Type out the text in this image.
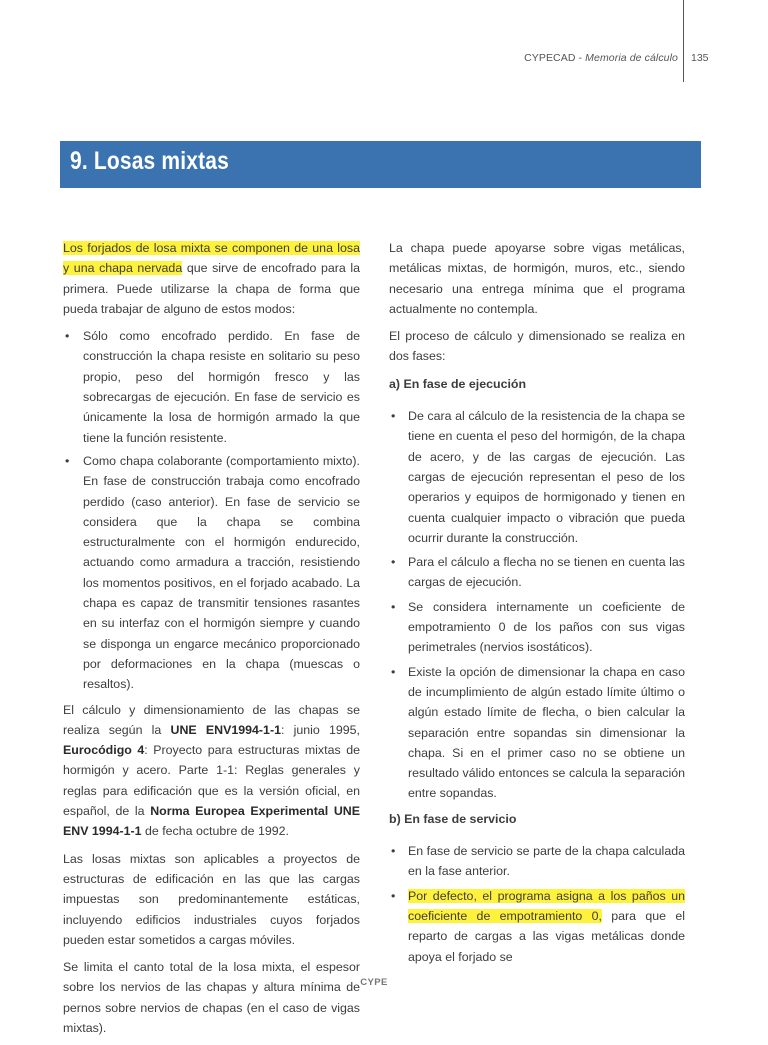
CYPECAD - Memoria de cálculo 135
9. Losas mixtas

Los forjados de losa mixta se componen de una losa y una chapa nervada que sirve de encofrado para la primera. Puede utilizarse la chapa de forma que pueda trabajar de alguno de estos modos:

• Sólo como encofrado perdido. En fase de construcción la chapa resiste en solitario su peso propio, peso del hormigón fresco y las sobrecargas de ejecución. En fase de servicio es únicamente la losa de hormigón armado la que tiene la función resistente.
• Como chapa colaborante (comportamiento mixto). En fase de construcción trabaja como encofrado perdido (caso anterior). En fase de servicio se considera que la chapa se combina estructuralmente con el hormigón endurecido, actuando como armadura a tracción, resistiendo los momentos positivos, en el forjado acabado. La chapa es capaz de transmitir tensiones rasantes en su interfaz con el hormigón siempre y cuando se disponga un engarce mecánico proporcionado por deformaciones en la chapa (muescas o resaltos).

El cálculo y dimensionamiento de las chapas se realiza según la UNE ENV1994-1-1: junio 1995, Eurocódigo 4: Proyecto para estructuras mixtas de hormigón y acero. Parte 1-1: Reglas generales y reglas para edificación que es la versión oficial, en español, de la Norma Europea Experimental UNE ENV 1994-1-1 de fecha octubre de 1992.

Las losas mixtas son aplicables a proyectos de estructuras de edificación en las que las cargas impuestas son predominantemente estáticas, incluyendo edificios industriales cuyos forjados pueden estar sometidos a cargas móviles.

Se limita el canto total de la losa mixta, el espesor sobre los nervios de las chapas y altura mínima de pernos sobre nervios de chapas (en el caso de vigas mixtas).

La chapa puede apoyarse sobre vigas metálicas, metálicas mixtas, de hormigón, muros, etc., siendo necesario una entrega mínima que el programa actualmente no contempla.

El proceso de cálculo y dimensionado se realiza en dos fases:

a) En fase de ejecución
• De cara al cálculo de la resistencia de la chapa se tiene en cuenta el peso del hormigón, de la chapa de acero, y de las cargas de ejecución. Las cargas de ejecución representan el peso de los operarios y equipos de hormigonado y tienen en cuenta cualquier impacto o vibración que pueda ocurrir durante la construcción.
• Para el cálculo a flecha no se tienen en cuenta las cargas de ejecución.
• Se considera internamente un coeficiente de empotramiento 0 de los paños con sus vigas perimetrales (nervios isostáticos).
• Existe la opción de dimensionar la chapa en caso de incumplimiento de algún estado límite último o algún estado límite de flecha, o bien calcular la separación entre sopandas sin dimensionar la chapa. Si en el primer caso no se obtiene un resultado válido entonces se calcula la separación entre sopandas.
b) En fase de servicio
• En fase de servicio se parte de la chapa calculada en la fase anterior.
• Por defecto, el programa asigna a los paños un coeficiente de empotramiento 0, para que el reparto de cargas a las vigas metálicas donde apoya el forjado se
CYPE
